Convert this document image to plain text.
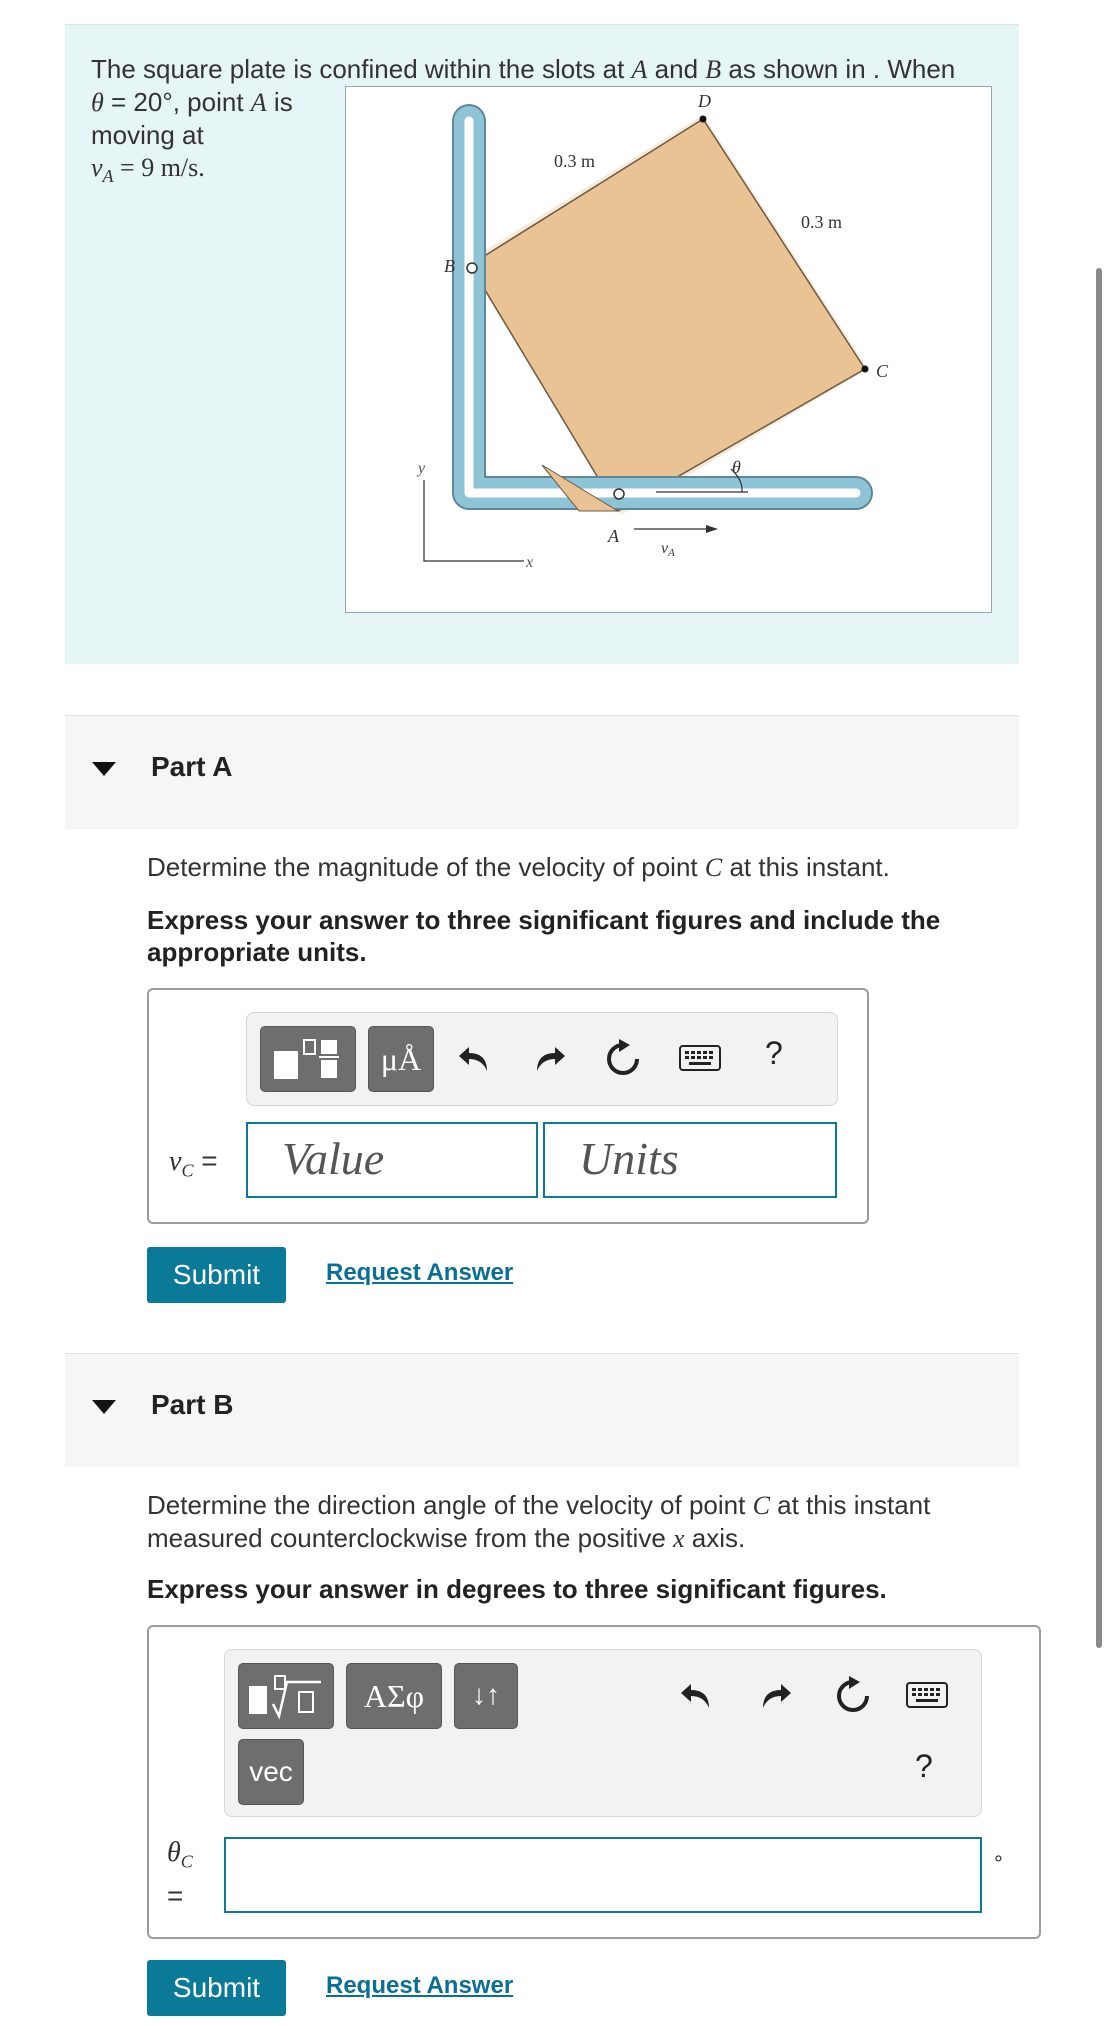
The square plate is confined within the slots at A and B as shown in . When
θ = 20°, point A is
moving at
$v_A = 9$ m/s.
D
B
C
A
θ
vA
0.3 m
0.3 m
y
x
Part A
Determine the magnitude of the velocity of point C at this instant.
Express your answer to three significant figures and include the appropriate units.
μÅ	?
$v_C$ =	Value	Units
Submit	Request Answer
Part B
Determine the direction angle of the velocity of point C at this instant
measured counterclockwise from the positive x axis.
Express your answer in degrees to three significant figures.
ΑΣφ	↓↑
vec	?
$\theta_C$
=
°
Submit	Request Answer
